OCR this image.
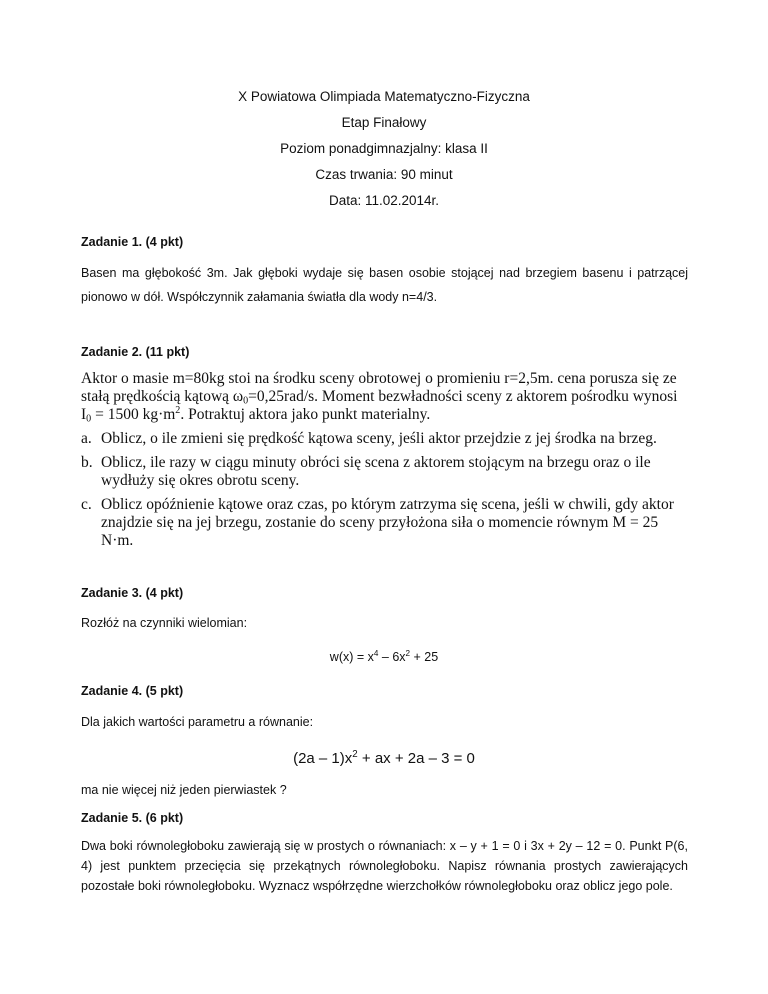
X Powiatowa Olimpiada Matematyczno-Fizyczna
Etap Finałowy
Poziom ponadgimnazjalny: klasa II
Czas trwania: 90 minut
Data: 11.02.2014r.
Zadanie 1. (4 pkt)
Basen ma głębokość 3m. Jak głęboki wydaje się basen osobie stojącej nad brzegiem basenu i patrzącej pionowo w dół. Współczynnik załamania światła dla wody n=4/3.
Zadanie 2. (11 pkt)
Aktor o masie m=80kg stoi na środku sceny obrotowej o promieniu r=2,5m. cena porusza się ze stałą prędkością kątową $\omega_0=0,25rad/s$. Moment bezwładności sceny z aktorem pośrodku wynosi $I_0 = 1500$ $kg\cdot m^2$. Potraktuj aktora jako punkt materialny.
a. Oblicz, o ile zmieni się prędkość kątowa sceny, jeśli aktor przejdzie z jej środka na brzeg.
b. Oblicz, ile razy w ciągu minuty obróci się scena z aktorem stojącym na brzegu oraz o ile wydłuży się okres obrotu sceny.
c. Oblicz opóźnienie kątowe oraz czas, po którym zatrzyma się scena, jeśli w chwili, gdy aktor znajdzie się na jej brzegu, zostanie do sceny przyłożona siła o momencie równym M = 25 N·m.
Zadanie 3. (4 pkt)
Rozłóż na czynniki wielomian:
$w(x) = x^4 - 6x^2 + 25$
Zadanie 4. (5 pkt)
Dla jakich wartości parametru a równanie:
$(2a - 1)x^2$ + ax + 2a – 3 = 0
ma nie więcej niż jeden pierwiastek ?
Zadanie 5. (6 pkt)
Dwa boki równoległoboku zawierają się w prostych o równaniach: x – y + 1 = 0 i 3x + 2y – 12 = 0. Punkt P(6, 4) jest punktem przecięcia się przekątnych równoległoboku. Napisz równania prostych zawierających pozostałe boki równoległoboku. Wyznacz współrzędne wierzchołków równoległoboku oraz oblicz jego pole.
